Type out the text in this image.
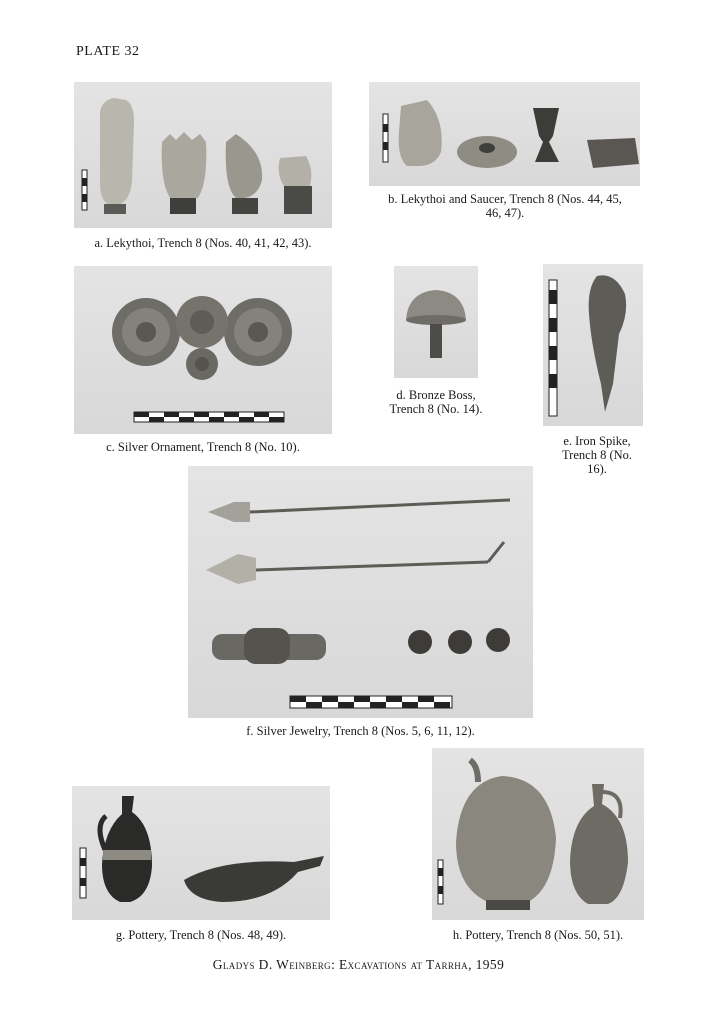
PLATE 32
a. Lekythoi, Trench 8 (Nos. 40, 41, 42, 43).
b. Lekythoi and Saucer, Trench 8 (Nos. 44, 45, 46, 47).
c. Silver Ornament, Trench 8 (No. 10).
d. Bronze Boss, Trench 8 (No. 14).
e. Iron Spike, Trench 8 (No. 16).
f. Silver Jewelry, Trench 8 (Nos. 5, 6, 11, 12).
g. Pottery, Trench 8 (Nos. 48, 49).	h. Pottery, Trench 8 (Nos. 50, 51).
Gladys D. Weinberg: Excavations at Tarrha, 1959
